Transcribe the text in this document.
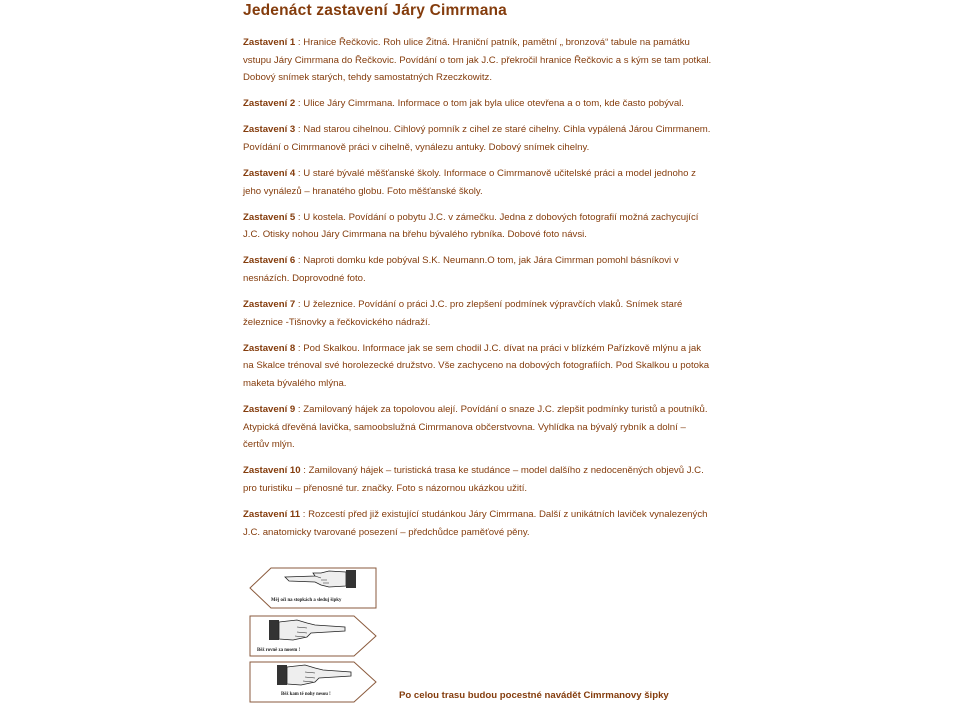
Jedenáct zastavení Járy Cimrmana

Zastavení 1 : Hranice Řečkovic. Roh ulice Žitná. Hraniční patník, pamětní „ bronzová“ tabule na památku vstupu Járy Cimrmana do Řečkovic. Povídání o tom jak J.C. překročil hranice Řečkovic a s kým se tam potkal. Dobový snímek starých, tehdy samostatných Rzeczkowitz.

Zastavení 2 : Ulice Járy Cimrmana. Informace o tom jak byla ulice otevřena a o tom, kde často pobýval.

Zastavení 3 : Nad starou cihelnou. Cihlový pomník z cihel ze staré cihelny. Cihla vypálená Járou Cimrmanem. Povídání o Cimrmanově práci v cihelně, vynálezu antuky. Dobový snímek cihelny.

Zastavení 4 : U staré bývalé měšťanské školy. Informace o Cimrmanově učitelské práci a model jednoho z jeho vynálezů – hranatého globu. Foto měšťanské školy.

Zastavení 5 : U kostela. Povídání o pobytu J.C. v zámečku. Jedna z dobových fotografií možná zachycující J.C. Otisky nohou Járy Cimrmana na břehu bývalého rybníka. Dobové foto návsi.

Zastavení 6 : Naproti domku kde pobýval S.K. Neumann.O tom, jak Jára Cimrman pomohl básníkovi v nesnázích. Doprovodné foto.

Zastavení 7 : U železnice. Povídání o práci J.C. pro zlepšení podmínek výpravčích vlaků. Snímek staré železnice -Tišnovky a řečkovického nádraží.

Zastavení 8 : Pod Skalkou. Informace jak se sem chodil J.C. dívat na práci v blízkém Pařízkově mlýnu a jak na Skalce trénoval své horolezecké družstvo. Vše zachyceno na dobových fotografiích. Pod Skalkou u potoka maketa bývalého mlýna.

Zastavení 9 : Zamilovaný hájek za topolovou alejí. Povídání o snaze J.C. zlepšit podmínky turistů a poutníků. Atypická dřevěná lavička, samoobslužná Cimrmanova občerstvovna. Vyhlídka na bývalý rybník a dolní – čertův mlýn.

Zastavení 10 : Zamilovaný hájek – turistická trasa ke studánce – model dalšího z nedoceněných objevů J.C. pro turistiku – přenosné tur. značky. Foto s názornou ukázkou užití.

Zastavení 11 : Rozcestí před již existující studánkou Járy Cimrmana. Další z unikátních laviček vynalezených J.C. anatomicky tvarované posezení – předchůdce paměťové pěny.

Měj oči na stopkách a sleduj šipky
Běž rovně za nosem !
Běž kam tě nohy nesou !	Po celou trasu budou pocestné navádět Cimrmanovy šipky
